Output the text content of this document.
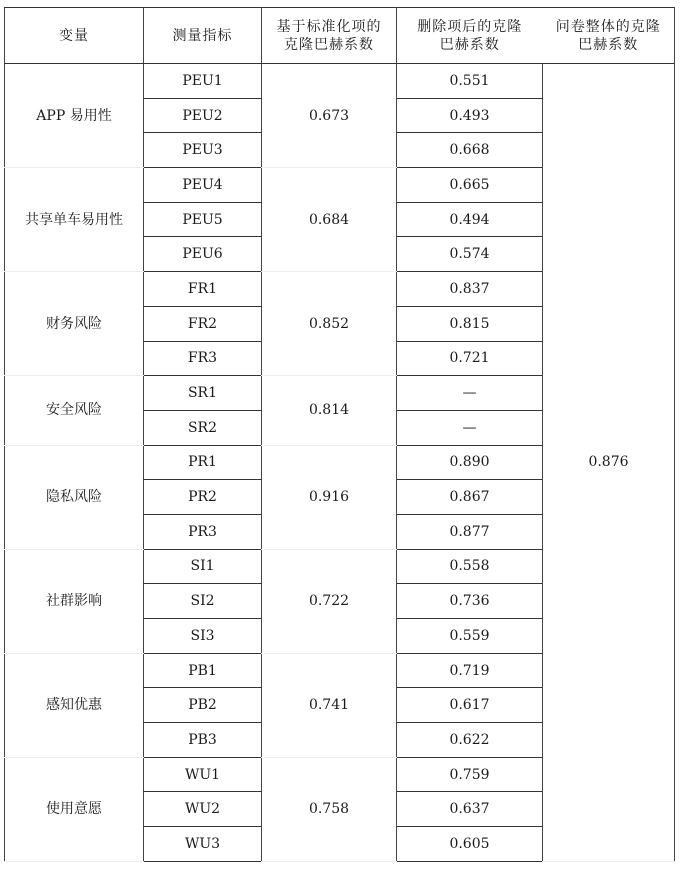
变量	测量指标	基于标准化项的克隆巴赫系数	删除项后的克隆巴赫系数	问卷整体的克隆巴赫系数
APP 易用性	PEU1	0.673	0.551	0.876
	PEU2		0.493	
	PEU3		0.668	
共享单车易用性	PEU4	0.684	0.665	
	PEU5		0.494	
	PEU6		0.574	
财务风险	FR1	0.852	0.837	
	FR2		0.815	
	FR3		0.721	
安全风险	SR1	0.814	—	
	SR2		—	
隐私风险	PR1	0.916	0.890	
	PR2		0.867	
	PR3		0.877	
社群影响	SI1	0.722	0.558	
	SI2		0.736	
	SI3		0.559	
感知优惠	PB1	0.741	0.719	
	PB2		0.617	
	PB3		0.622	
使用意愿	WU1	0.758	0.759	
	WU2		0.637	
	WU3		0.605	
